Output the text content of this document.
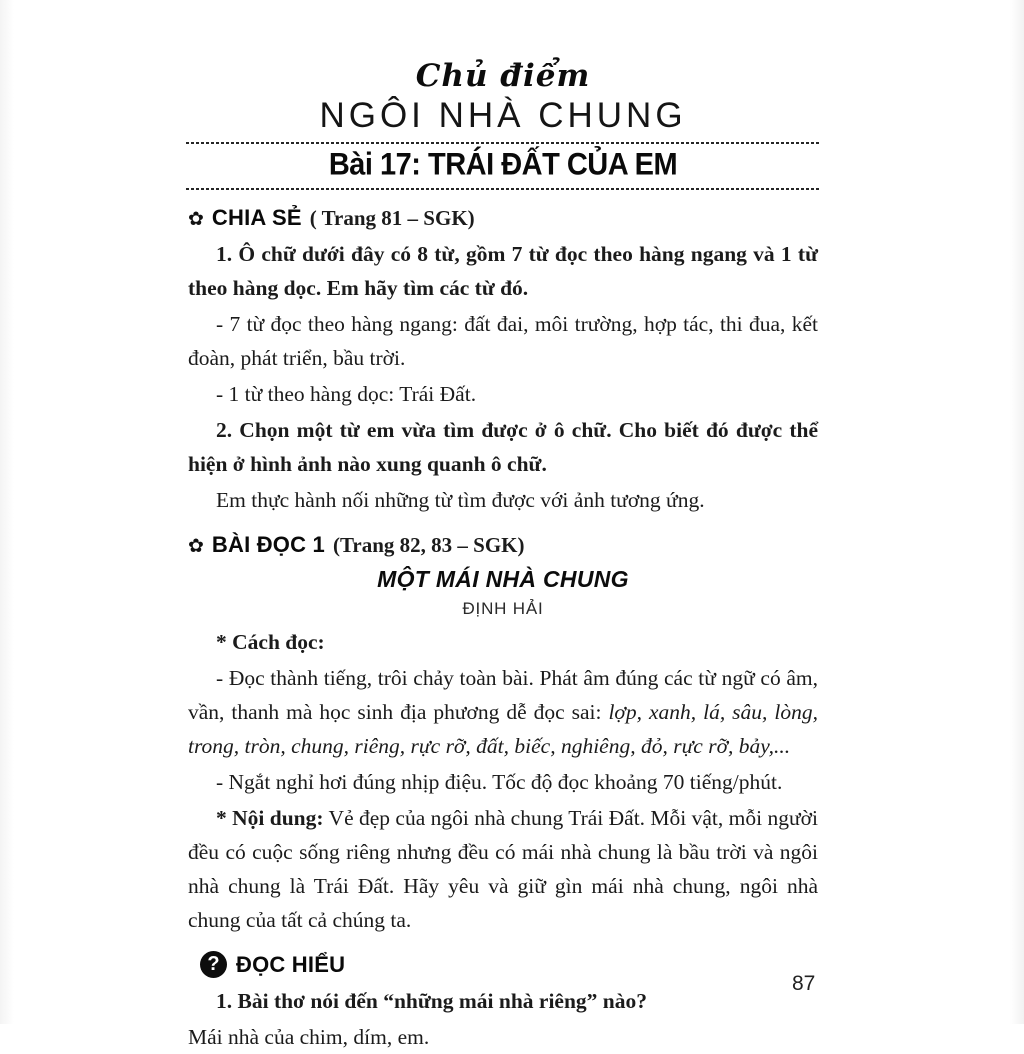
Chủ điểm
NGÔI NHÀ CHUNG
Bài 17: TRÁI ĐẤT CỦA EM
✿ CHIA SẺ ( Trang 81 – SGK)

1. Ô chữ dưới đây có 8 từ, gồm 7 từ đọc theo hàng ngang và 1 từ theo hàng dọc. Em hãy tìm các từ đó.

- 7 từ đọc theo hàng ngang: đất đai, môi trường, hợp tác, thi đua, kết đoàn, phát triển, bầu trời.

- 1 từ theo hàng dọc: Trái Đất.

2. Chọn một từ em vừa tìm được ở ô chữ. Cho biết đó được thể hiện ở hình ảnh nào xung quanh ô chữ.

Em thực hành nối những từ tìm được với ảnh tương ứng.

✿ BÀI ĐỌC 1 (Trang 82, 83 – SGK)
MỘT MÁI NHÀ CHUNG
ĐỊNH HẢI

* Cách đọc:

- Đọc thành tiếng, trôi chảy toàn bài. Phát âm đúng các từ ngữ có âm, vần, thanh mà học sinh địa phương dễ đọc sai: lợp, xanh, lá, sâu, lòng, trong, tròn, chung, riêng, rực rỡ, đất, biếc, nghiêng, đỏ, rực rỡ, bảy,...

- Ngắt nghỉ hơi đúng nhịp điệu. Tốc độ đọc khoảng 70 tiếng/phút.

* Nội dung: Vẻ đẹp của ngôi nhà chung Trái Đất. Mỗi vật, mỗi người đều có cuộc sống riêng nhưng đều có mái nhà chung là bầu trời và ngôi nhà chung là Trái Đất. Hãy yêu và giữ gìn mái nhà chung, ngôi nhà chung của tất cả chúng ta.

? ĐỌC HIỂU

1. Bài thơ nói đến “những mái nhà riêng” nào?

Mái nhà của chim, dím, em.

87
